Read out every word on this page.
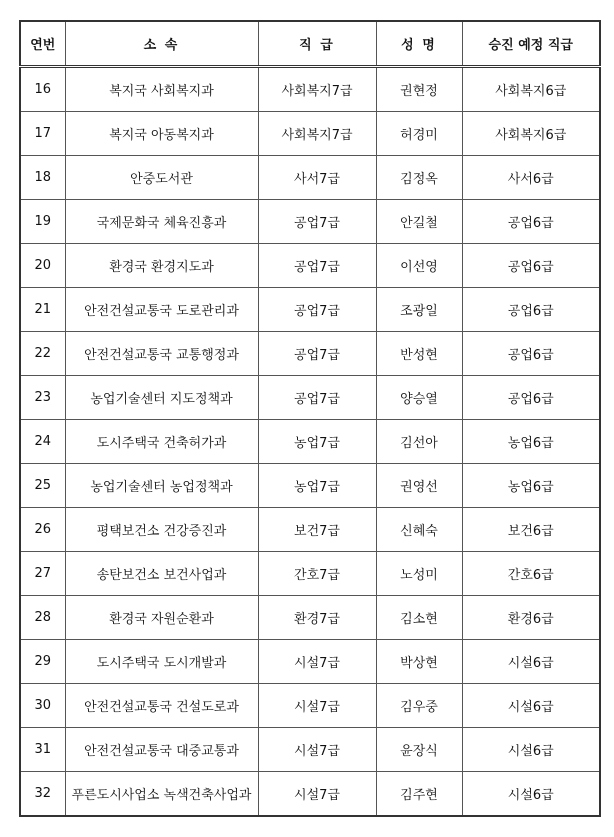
연번	소 속	직 급	성 명	승진 예정 직급
16	복지국 사회복지과	사회복지7급	권현정	사회복지6급
17	복지국 아동복지과	사회복지7급	허경미	사회복지6급
18	안중도서관	사서7급	김정옥	사서6급
19	국제문화국 체육진흥과	공업7급	안길철	공업6급
20	환경국 환경지도과	공업7급	이선영	공업6급
21	안전건설교통국 도로관리과	공업7급	조광일	공업6급
22	안전건설교통국 교통행정과	공업7급	반성현	공업6급
23	농업기술센터 지도정책과	공업7급	양승열	공업6급
24	도시주택국 건축허가과	농업7급	김선아	농업6급
25	농업기술센터 농업정책과	농업7급	권영선	농업6급
26	평택보건소 건강증진과	보건7급	신혜숙	보건6급
27	송탄보건소 보건사업과	간호7급	노성미	간호6급
28	환경국 자원순환과	환경7급	김소현	환경6급
29	도시주택국 도시개발과	시설7급	박상현	시설6급
30	안전건설교통국 건설도로과	시설7급	김우중	시설6급
31	안전건설교통국 대중교통과	시설7급	윤장식	시설6급
32	푸른도시사업소 녹색건축사업과	시설7급	김주현	시설6급
